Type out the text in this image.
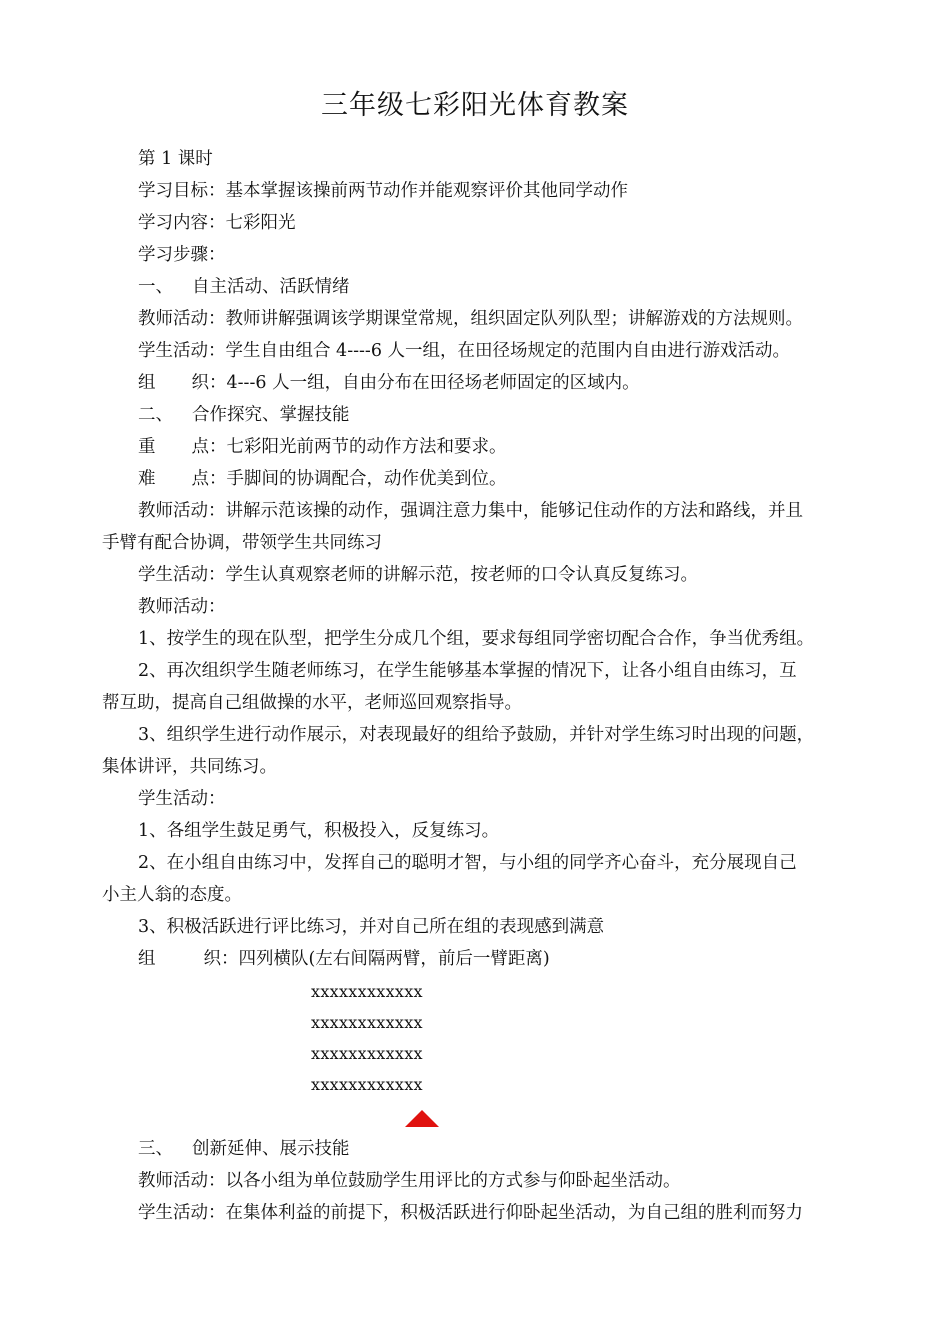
三年级七彩阳光体育教案
第 1 课时
学习目标：基本掌握该操前两节动作并能观察评价其他同学动作
学习内容：七彩阳光
学习步骤：
一、 自主活动、活跃情绪
教师活动：教师讲解强调该学期课堂常规，组织固定队列队型；讲解游戏的方法规则。
学生活动：学生自由组合 4----6 人一组，在田径场规定的范围内自由进行游戏活动。
组 织：4---6 人一组，自由分布在田径场老师固定的区域内。
二、 合作探究、掌握技能
重 点：七彩阳光前两节的动作方法和要求。
难 点：手脚间的协调配合，动作优美到位。
教师活动：讲解示范该操的动作，强调注意力集中，能够记住动作的方法和路线，并且
手臂有配合协调，带领学生共同练习
学生活动：学生认真观察老师的讲解示范，按老师的口令认真反复练习。
教师活动：
1、按学生的现在队型，把学生分成几个组，要求每组同学密切配合合作，争当优秀组。
2、再次组织学生随老师练习，在学生能够基本掌握的情况下，让各小组自由练习，互
帮互助，提高自己组做操的水平，老师巡回观察指导。
3、组织学生进行动作展示，对表现最好的组给予鼓励，并针对学生练习时出现的问题，
集体讲评，共同练习。
学生活动：
1、各组学生鼓足勇气，积极投入，反复练习。
2、在小组自由练习中，发挥自己的聪明才智，与小组的同学齐心奋斗，充分展现自己
小主人翁的态度。
3、积极活跃进行评比练习，并对自己所在组的表现感到满意
组	织：四列横队(左右间隔两臂，前后一臂距离)
xxxxxxxxxxxx
xxxxxxxxxxxx
xxxxxxxxxxxx
xxxxxxxxxxxx
三、 创新延伸、展示技能
教师活动：以各小组为单位鼓励学生用评比的方式参与仰卧起坐活动。
学生活动：在集体利益的前提下，积极活跃进行仰卧起坐活动，为自己组的胜利而努力
